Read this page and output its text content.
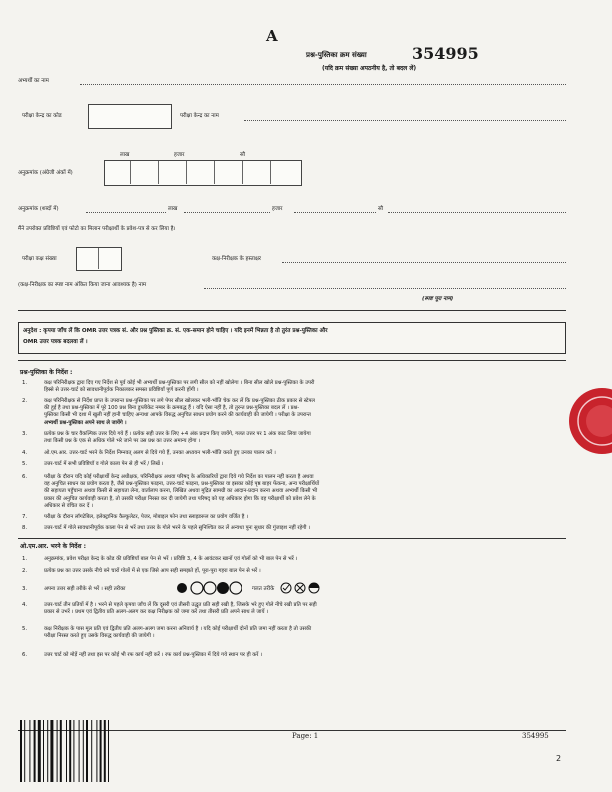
A
प्रश्न-पुस्तिका क्रम संख्या	354995
(यदि क्रम संख्या अपठनीय है, तो बदल लें)
अभ्यर्थी का नाम
परीक्षा केन्द्र का कोड	परीक्षा केन्द्र का नाम
लाख	हजार	सौ
अनुक्रमांक (अंग्रेजी अंकों में)
अनुक्रमांक (शब्दों में)	लाख	हजार	सौ
मैंने उपरोक्त प्रविष्टियों एवं फोटो का मिलान परीक्षार्थी के प्रवेश-पत्र से कर लिया है।
परीक्षा कक्ष संख्या	कक्ष-निरीक्षक के हस्ताक्षर
(कक्ष-निरीक्षक का स्पष्ट नाम अंकित किया जाना आवश्यक है) नाम
(स्पष्ट पूरा नाम)
अनुदेश : कृपया जाँच लें कि OMR उत्तर पत्रक सं. और प्रश्न पुस्तिका क्र. सं. एक-समान होने चाहिए । यदि इनमें भिन्नता है तो तुरंत प्रश्न-पुस्तिका और
OMR उत्तर पत्रक बदलवा लें ।
प्रश्न-पुस्तिका के निर्देश :
1.	कक्ष परिनिरीक्षक द्वारा दिए गए निर्देश से पूर्व कोई भी अभ्यर्थी प्रश्न-पुस्तिका पर लगी सील को नहीं खोलेगा । बिना सील खोले प्रश्न-पुस्तिका के उपरी
हिस्से से उत्तर-चार्ट को सावधानीपूर्वक निकालकर समस्त प्रविष्टियाँ पूर्ण करनी होंगी ।
2.	कक्ष परिनिरीक्षक से निर्देश प्राप्त के उपरान्त प्रश्न-पुस्तिका पर लगे पेपर सील खोलकर भली-भाँति चेक कर लें कि प्रश्न-पुस्तिका ठीक प्रकार से स्टेपल
की हुई है तथा प्रश्न-पुस्तिका में पूरे 100 प्रश्न बिना डुप्लीकेट नम्बर के क्रमबद्ध हैं । यदि ऐसा नहीं है, तो तुरन्त प्रश्न-पुस्तिका बदल लें । प्रश्न-
पुस्तिका किसी भी दशा में खुली नहीं हानी चाहिए अन्यथा आपके विरुद्ध अनुचित साधन प्रयोग करने की कार्यवाही की जायेगी । परीक्षा के उपरान्त
अभ्यर्थी प्रश्न-पुस्तिका अपने साथ ले जायेंगे ।
3.	प्रत्येक प्रश्न के चार वैकल्पिक उत्तर दिये गये हैं । प्रत्येक सही उत्तर के लिए +4 अंक प्रदान किए जायेंगे, गलत उत्तर पर 1 अंक काट लिया जायेगा
तथा किसी प्रश्न के एक से अधिक गोले भरे जाने पर उस प्रश्न का उत्तर अमान्य होगा ।
4.	ओ.एम.आर. उत्तर-चार्ट भरने के निर्देश निम्नवत् अलग से दिये गये हैं, उनका अध्ययन भली-भाँति करते हुए उनका पालन करें ।
5.	उत्तर-चार्ट में सभी प्रविष्टियाँ व गोले काला पेन से ही भरें / लिखें ।
6.	परीक्षा के दौरान यदि कोई परीक्षार्थी केन्द्र अधीक्षक, परिनिरीक्षक अथवा परिषद् के अधिकारियों द्वारा दिये गये निर्देश का पालन नहीं करता है अथवा
वह अनुचित साधन का प्रयोग करता है, जैसे प्रश्न-पुस्तिका फाड़ना, उत्तर-चार्ट फाड़ना, प्रश्न-पुस्तिका या इसका कोई पृष्ठ बाहर फेंकना, अन्य परीक्षार्थियों
की सहायता पहुँचाना अथवा किसी से सहायता लेना, वार्तालाप करना, लिखित अथवा मुद्रित सामग्री का आदान-प्रदान करना अथवा अभ्यर्थी किसी भी
प्रकार की अनुचित कार्यवाही करता है, तो उसकी परीक्षा निरस्त कर दी जायेगी तथा परिषद् को यह अधिकार होगा कि वह परीक्षार्थी को प्रवेश लेने के
अधिकार से वंचित कर दें ।
7.	परीक्षा के दौरान लॉगटेबिल, इलेक्ट्रानिक कैल्कुलेटर, पेजर, मोबाइल फोन तथा स्लाइडरूल का प्रयोग वर्जित है ।
8.	उत्तर-चार्ट में गोले सावधानीपूर्वक काला पेन से भरें तथा उत्तर के गोले भरने के पहले सुनिश्चित कर लें अन्यथा पुनः सुधार की गुंजाइश नहीं रहेगी ।
ओ.एम.आर. भरने के निर्देश :
1.	अनुक्रमांक, प्रवेश परीक्षा केन्द्र के कोड की प्रविष्टियाँ बाल पेन से भरें । प्रविष्टि 3, 4 के आवंटकर खानों एवं गोलों को भी बाल पेन से भरें ।
2.	प्रत्येक प्रश्न का उत्तर उसके नीचे बने चारों गोलों में से एक जिसे आप सही समझते हों, पूरा-पूरा गहरा बाल पेन से भरें ।
3.	अपना उत्तर सही तरीके से भरें । सही तरीका	गलत तरीके
4.	उत्तर-चार्ट तीन प्रतियों में है । भरने से पहले कृपया जाँच लें कि दूसरी एवं तीसरी उद्धृत प्रति सही रखी है, जिसके भरे हुए गोले नीचे रखी प्रति पर सही
प्रकार से उभरें । प्रथम एवं द्वितीय प्रति अलग-अलग कर कक्ष निरीक्षक को जमा करें तथा तीसरी प्रति अपने साथ ले जायें ।
5.	कक्ष निरीक्षक के पास मूल प्रति एवं द्वितीय प्रति अलग-अलग जमा करना अनिवार्य है । यदि कोई परीक्षार्थी दोनों प्रति जमा नहीं करता है तो उसकी
परीक्षा निरस्त करते हुए उसके विरुद्ध कार्यवाही की जायेगी ।
6.	उत्तर चार्ट को मोड़ें नहीं तथा इस पर कोई भी रफ कार्य नहीं करें । रफ कार्य प्रश्न-पुस्तिका में दिये गये स्थान पर ही करें ।
Page: 1	354995
2
